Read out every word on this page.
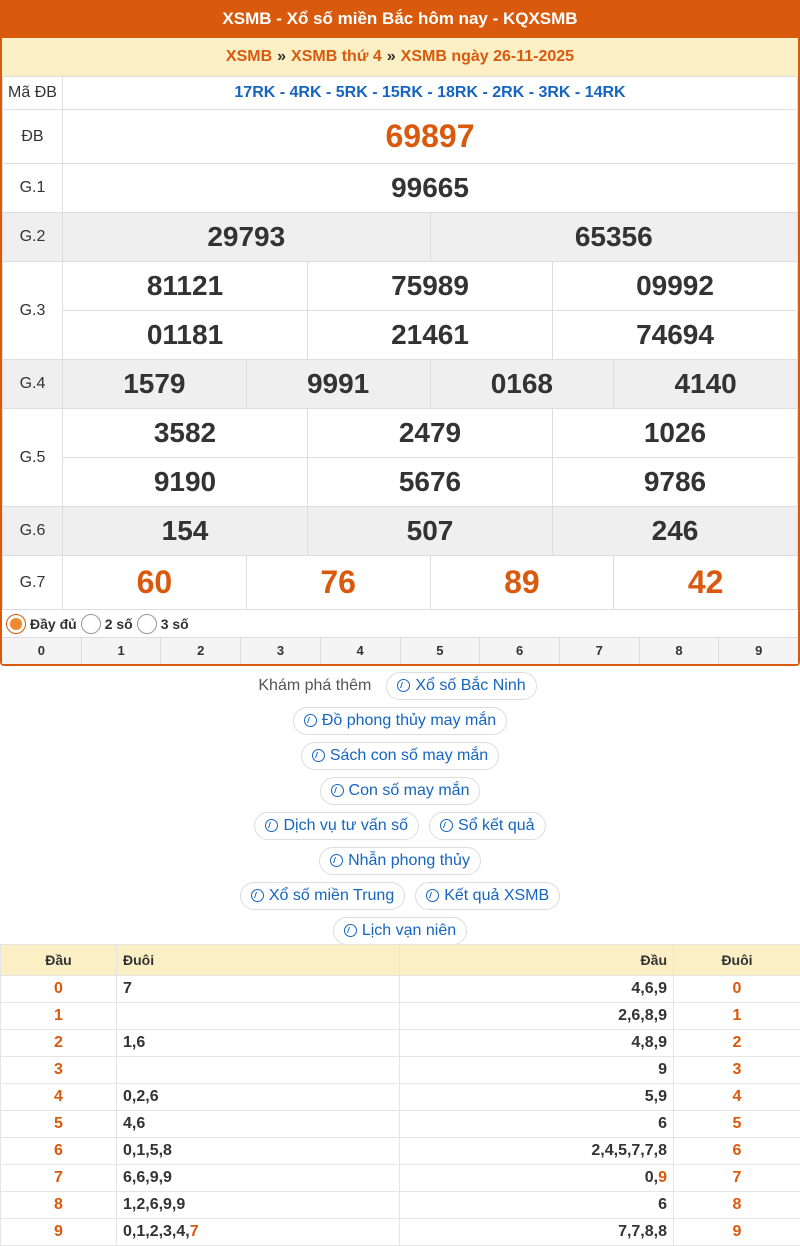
XSMB - Xổ số miền Bắc hôm nay - KQXSMB
XSMB » XSMB thứ 4 » XSMB ngày 26-11-2025
Mã ĐB	17RK - 4RK - 5RK - 15RK - 18RK - 2RK - 3RK - 14RK					
ĐB	69897					
G.1	99665					
G.2	29793			65356		
G.3	81121		75989		09992	
	01181		21461		74694	
G.4	1579	9991		0168		4140
G.5	3582		2479		1026	
	9190		5676		9786	
G.6	154		507		246	
G.7	60	76		89		42
Đầy đủ 2 số 3 số
0	1	2	3	4	5	6	7	8	9
Khám phá thêm	Xổ số Bắc Ninh
Đồ phong thủy may mắn
Sách con số may mắn
Con số may mắn
Dịch vụ tư vấn số	Sổ kết quả
Nhẫn phong thủy
Xổ số miền Trung	Kết quả XSMB
Lịch vạn niên
Đầu	Đuôi	Đầu	Đuôi
0	7	4,6,9	0
1		2,6,8,9	1
2	1,6	4,8,9	2
3		9	3
4	0,2,6	5,9	4
5	4,6	6	5
6	0,1,5,8	2,4,5,7,7,8	6
7	6,6,9,9	0,9	7
8	1,2,6,9,9	6	8
9	0,1,2,3,4,7	7,7,8,8	9
